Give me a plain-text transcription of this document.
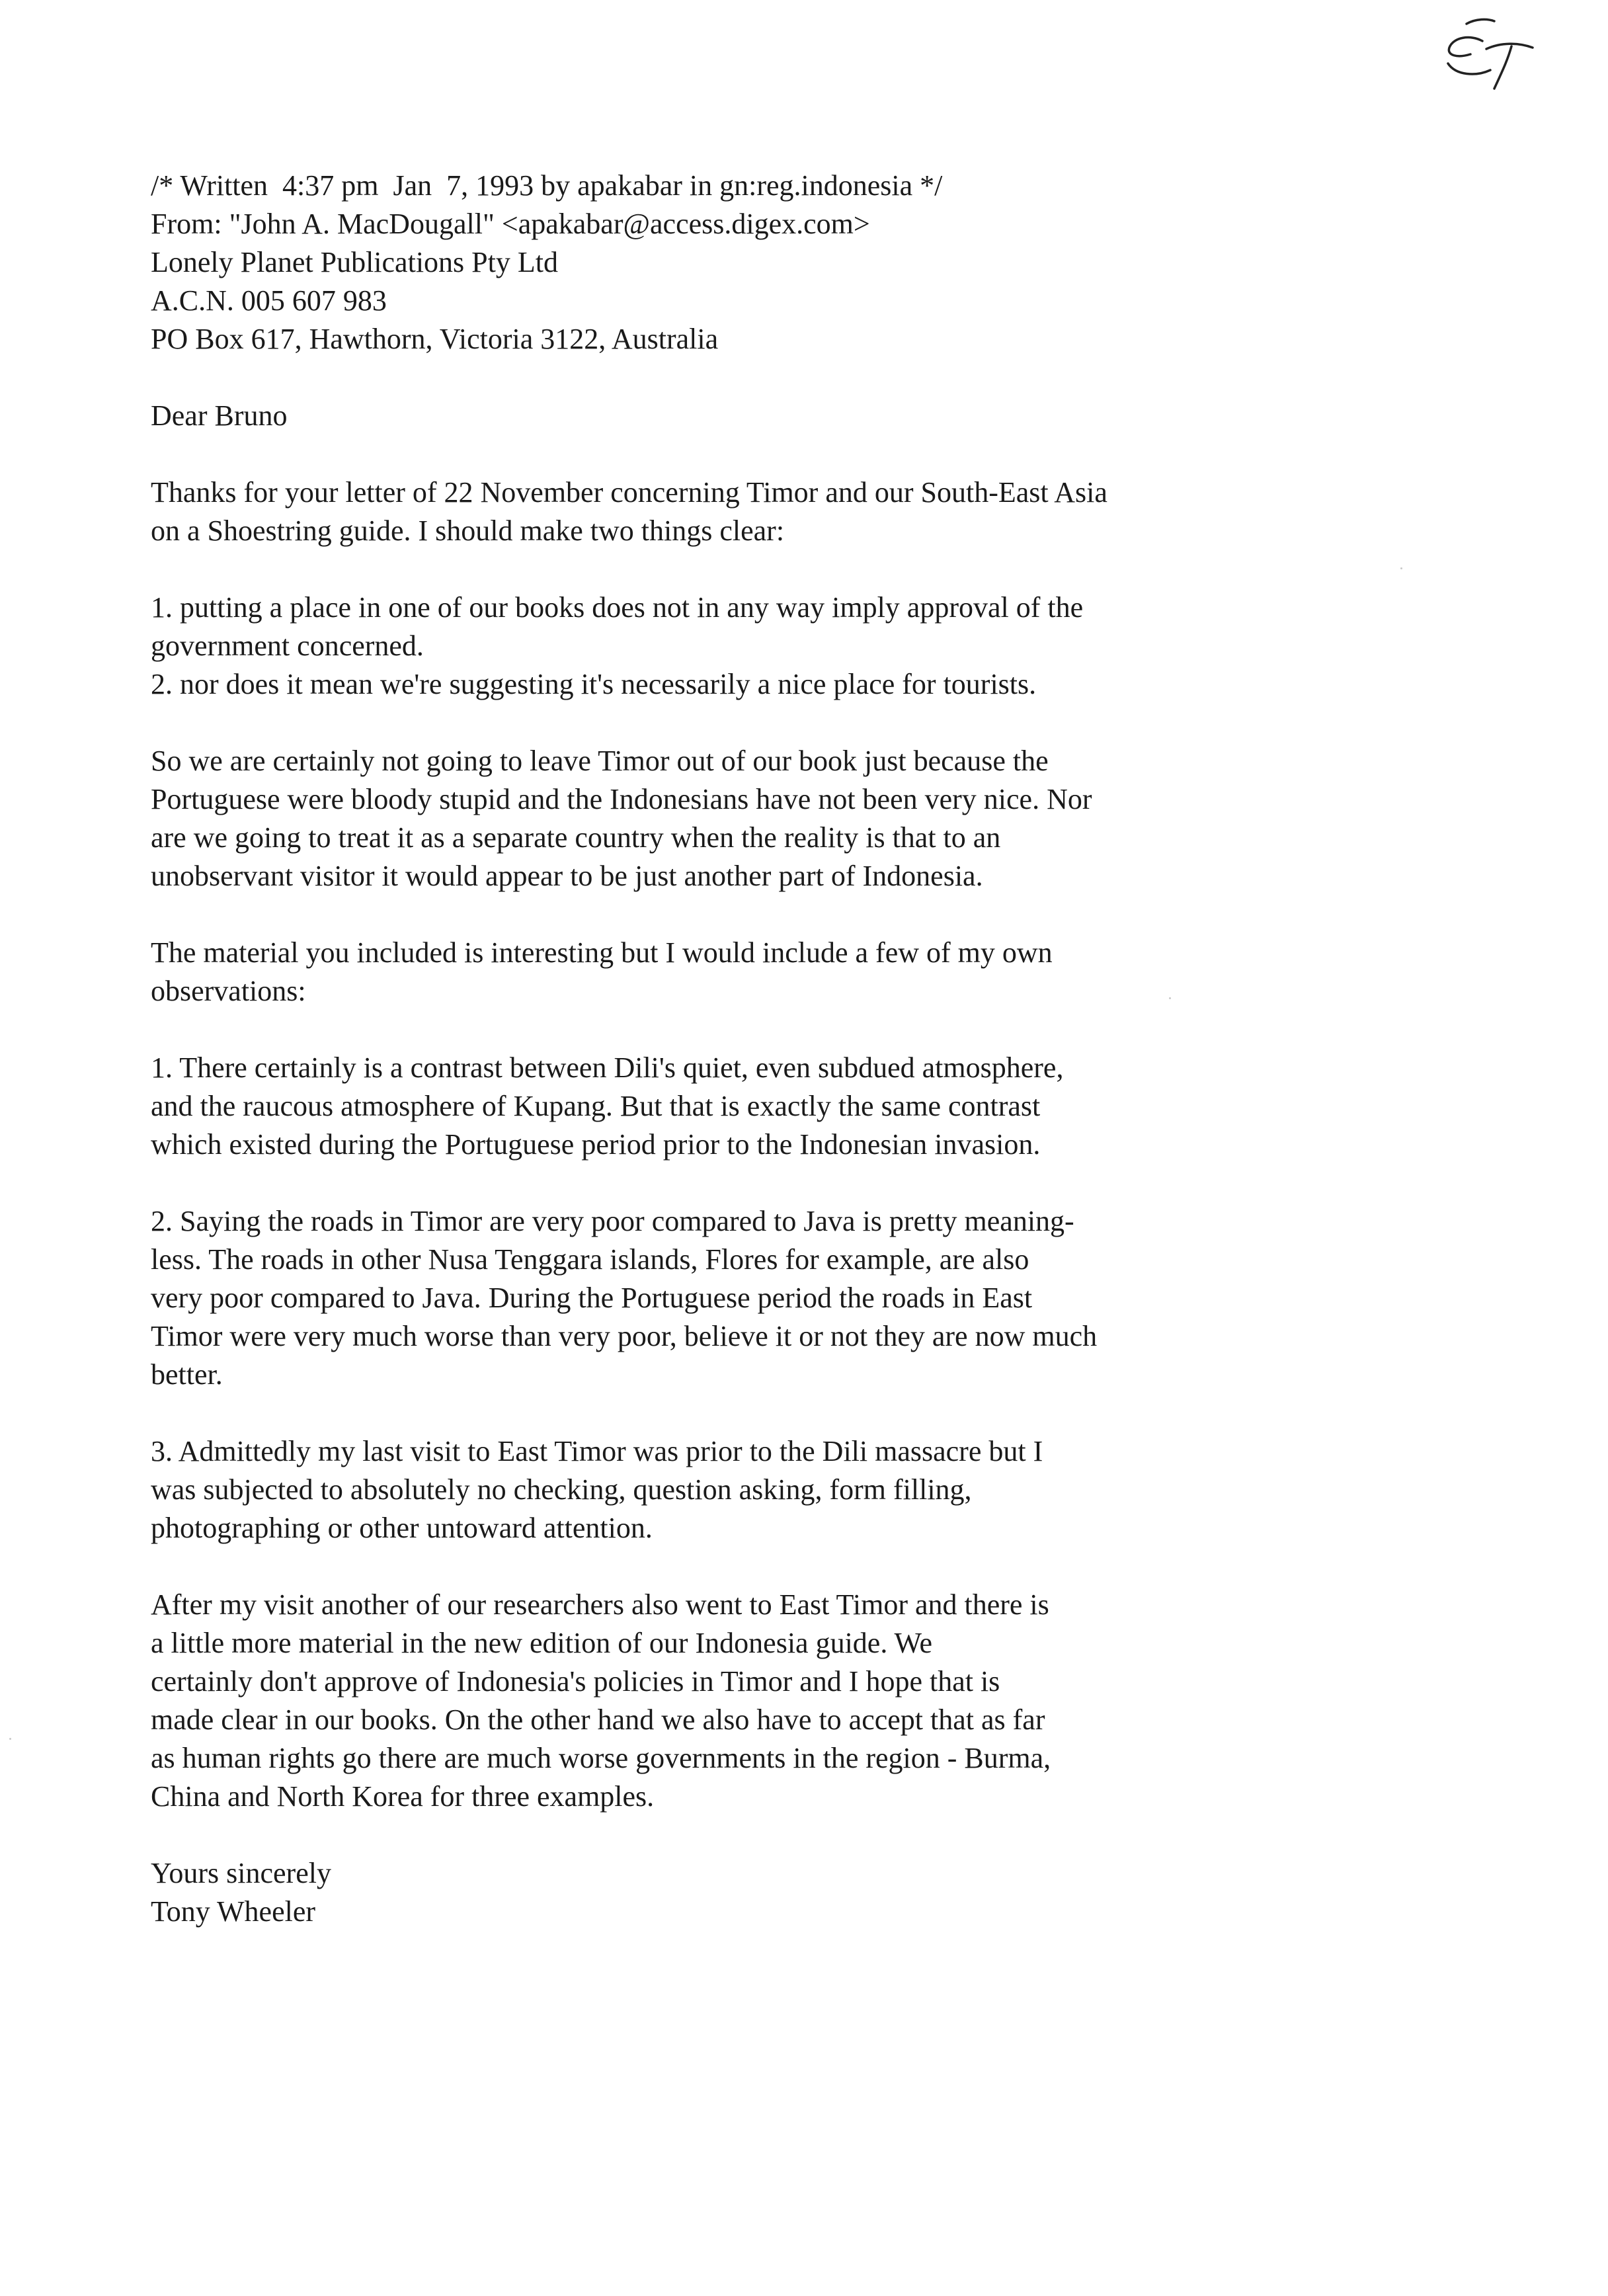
/* Written  4:37 pm  Jan  7, 1993 by apakabar in gn:reg.indonesia */
From: "John A. MacDougall" <apakabar@access.digex.com>
Lonely Planet Publications Pty Ltd
A.C.N. 005 607 983
PO Box 617, Hawthorn, Victoria 3122, Australia
Dear Bruno
Thanks for your letter of 22 November concerning Timor and our South-East Asia
on a Shoestring guide. I should make two things clear:
1. putting a place in one of our books does not in any way imply approval of the
government concerned.
2. nor does it mean we're suggesting it's necessarily a nice place for tourists.
So we are certainly not going to leave Timor out of our book just because the
Portuguese were bloody stupid and the Indonesians have not been very nice. Nor
are we going to treat it as a separate country when the reality is that to an
unobservant visitor it would appear to be just another part of Indonesia.
The material you included is interesting but I would include a few of my own
observations:
1. There certainly is a contrast between Dili's quiet, even subdued atmosphere,
and the raucous atmosphere of Kupang. But that is exactly the same contrast
which existed during the Portuguese period prior to the Indonesian invasion.
2. Saying the roads in Timor are very poor compared to Java is pretty meaning-
less. The roads in other Nusa Tenggara islands, Flores for example, are also
very poor compared to Java. During the Portuguese period the roads in East
Timor were very much worse than very poor, believe it or not they are now much
better.
3. Admittedly my last visit to East Timor was prior to the Dili massacre but I
was subjected to absolutely no checking, question asking, form filling,
photographing or other untoward attention.
After my visit another of our researchers also went to East Timor and there is
a little more material in the new edition of our Indonesia guide. We
certainly don't approve of Indonesia's policies in Timor and I hope that is
made clear in our books. On the other hand we also have to accept that as far
as human rights go there are much worse governments in the region - Burma,
China and North Korea for three examples.
Yours sincerely
Tony Wheeler
